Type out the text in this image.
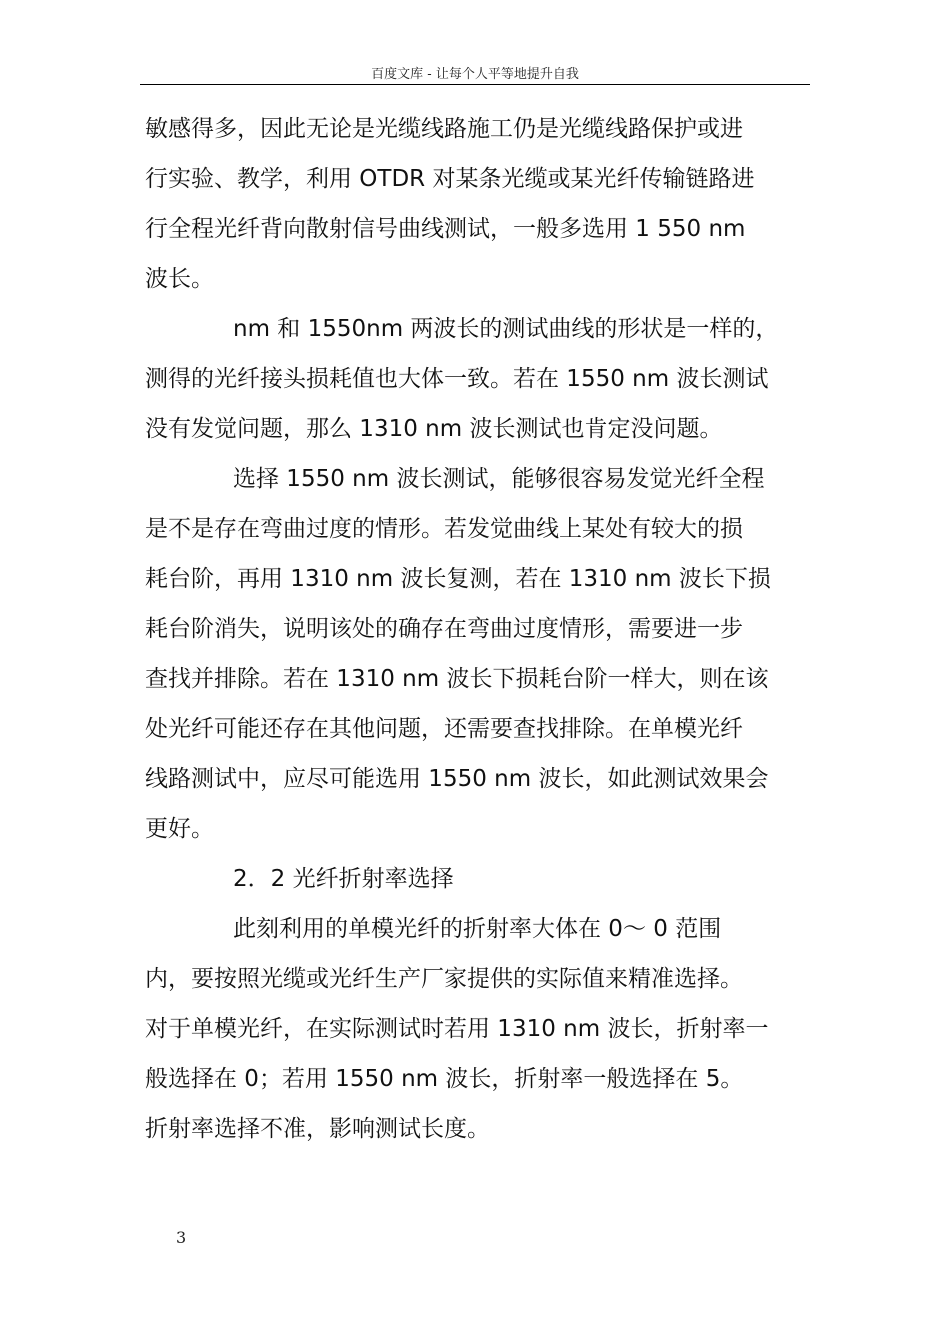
百度文库 - 让每个人平等地提升自我
敏感得多，因此无论是光缆线路施工仍是光缆线路保护或进
行实验、教学，利用 OTDR 对某条光缆或某光纤传输链路进
行全程光纤背向散射信号曲线测试，一般多选用 1 550 nm
波长。
nm 和 1550nm 两波长的测试曲线的形状是一样的，
测得的光纤接头损耗值也大体一致。若在 1550 nm 波长测试
没有发觉问题，那么 1310 nm 波长测试也肯定没问题。
选择 1550 nm 波长测试，能够很容易发觉光纤全程
是不是存在弯曲过度的情形。若发觉曲线上某处有较大的损
耗台阶，再用 1310 nm 波长复测，若在 1310 nm 波长下损
耗台阶消失，说明该处的确存在弯曲过度情形，需要进一步
查找并排除。若在 1310 nm 波长下损耗台阶一样大，则在该
处光纤可能还存在其他问题，还需要查找排除。在单模光纤
线路测试中，应尽可能选用 1550 nm 波长，如此测试效果会
更好。
2．2 光纤折射率选择
此刻利用的单模光纤的折射率大体在 0～ 0 范围
内，要按照光缆或光纤生产厂家提供的实际值来精准选择。
对于单模光纤，在实际测试时若用 1310 nm 波长，折射率一
般选择在 0；若用 1550 nm 波长，折射率一般选择在 5。
折射率选择不准，影响测试长度。
3
